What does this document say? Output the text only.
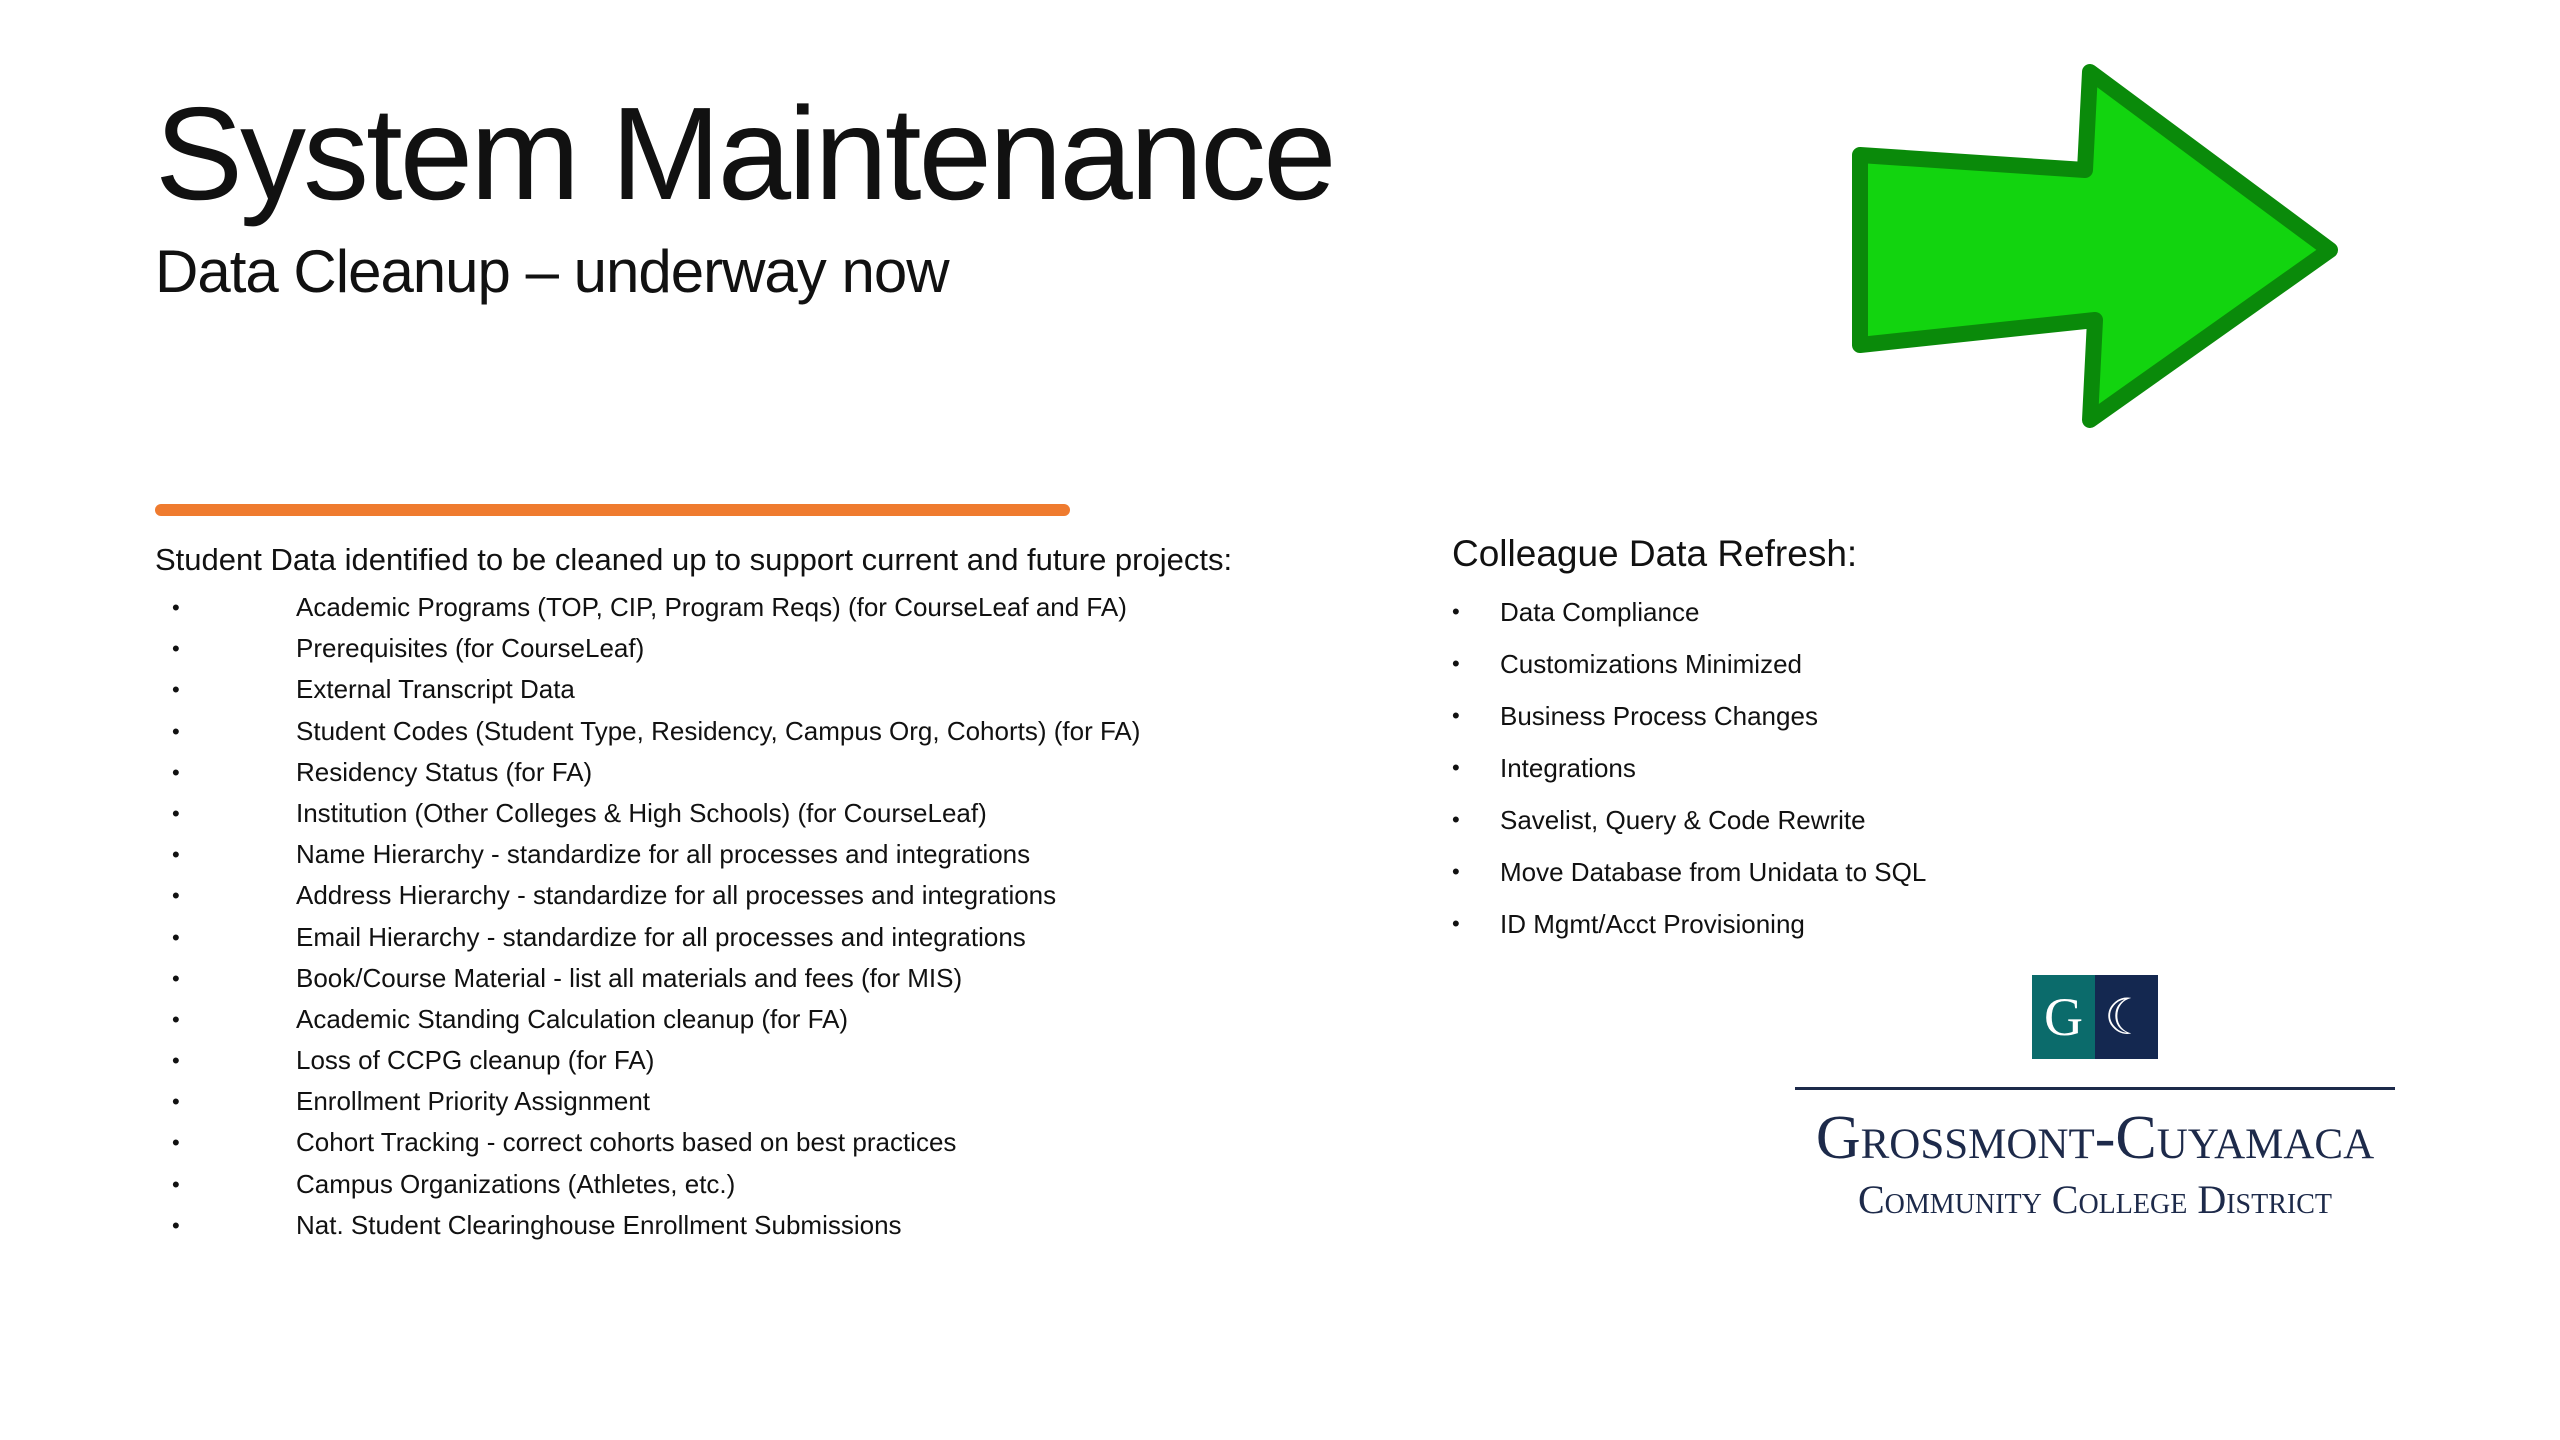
System Maintenance
Data Cleanup – underway now

Student Data identified to be cleaned up to support current and future projects:

•	Academic Programs (TOP, CIP, Program Reqs) (for CourseLeaf and FA)
•	Prerequisites (for CourseLeaf)
•	External Transcript Data
•	Student Codes (Student Type, Residency, Campus Org, Cohorts) (for FA)
•	Residency Status (for FA)
•	Institution (Other Colleges & High Schools) (for CourseLeaf)
•	Name Hierarchy - standardize for all processes and integrations
•	Address Hierarchy - standardize for all processes and integrations
•	Email Hierarchy - standardize for all processes and integrations
•	Book/Course Material - list all materials and fees (for MIS)
•	Academic Standing Calculation cleanup (for FA)
•	Loss of CCPG cleanup (for FA)
•	Enrollment Priority Assignment
•	Cohort Tracking - correct cohorts based on best practices
•	Campus Organizations (Athletes, etc.)
•	Nat. Student Clearinghouse Enrollment Submissions

Colleague Data Refresh:

• Data Compliance
• Customizations Minimized
• Business Process Changes
• Integrations
• Savelist, Query & Code Rewrite
• Move Database from Unidata to SQL
• ID Mgmt/Acct Provisioning
G ☾
Grossmont-Cuyamaca
Community College District
